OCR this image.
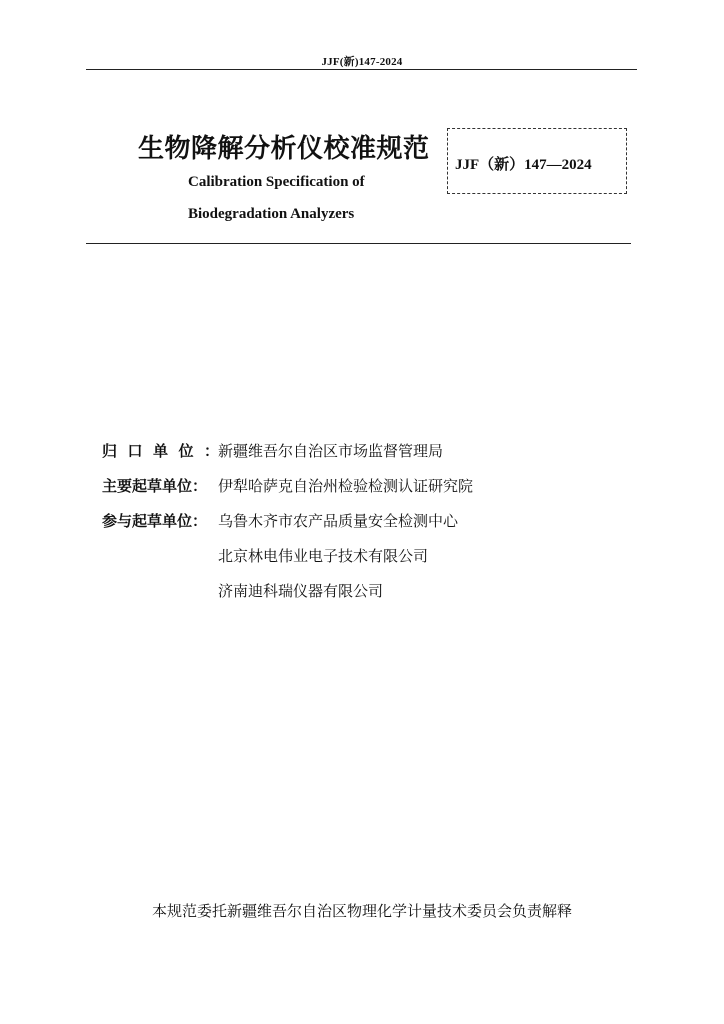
JJF(新)147-2024
生物降解分析仪校准规范
Calibration Specification of
Biodegradation Analyzers
JJF（新）147—2024
归口单位：
新疆维吾尔自治区市场监督管理局
主要起草单位： 伊犁哈萨克自治州检验检测认证研究院
参与起草单位： 乌鲁木齐市农产品质量安全检测中心
北京林电伟业电子技术有限公司
济南迪科瑞仪器有限公司
本规范委托新疆维吾尔自治区物理化学计量技术委员会负责解释
